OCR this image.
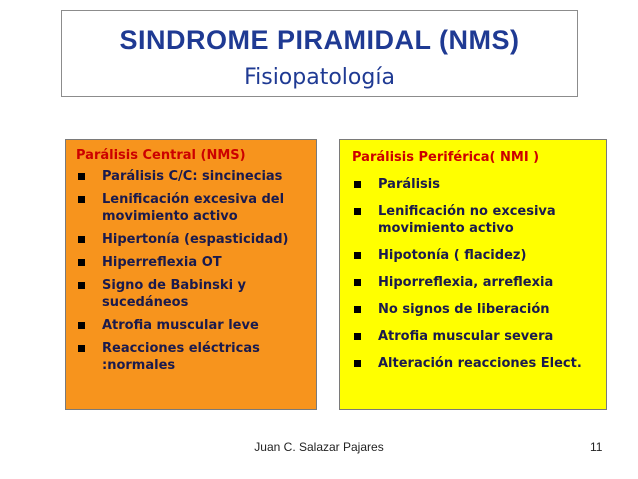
SINDROME PIRAMIDAL (NMS)
Fisiopatología
Parálisis Central (NMS)
Parálisis C/C: sincinecias
Lenificación excesiva del movimiento activo
Hipertonía (espasticidad)
Hiperreflexia OT
Signo de Babinski y sucedáneos
Atrofia muscular leve
Reacciones eléctricas :normales
Parálisis Periférica( NMI )
Parálisis
Lenificación no excesiva movimiento activo
Hipotonía ( flacidez)
Hiporreflexia, arreflexia
No signos de liberación
Atrofia muscular severa
Alteración reacciones Elect.
Juan C. Salazar Pajares	11
